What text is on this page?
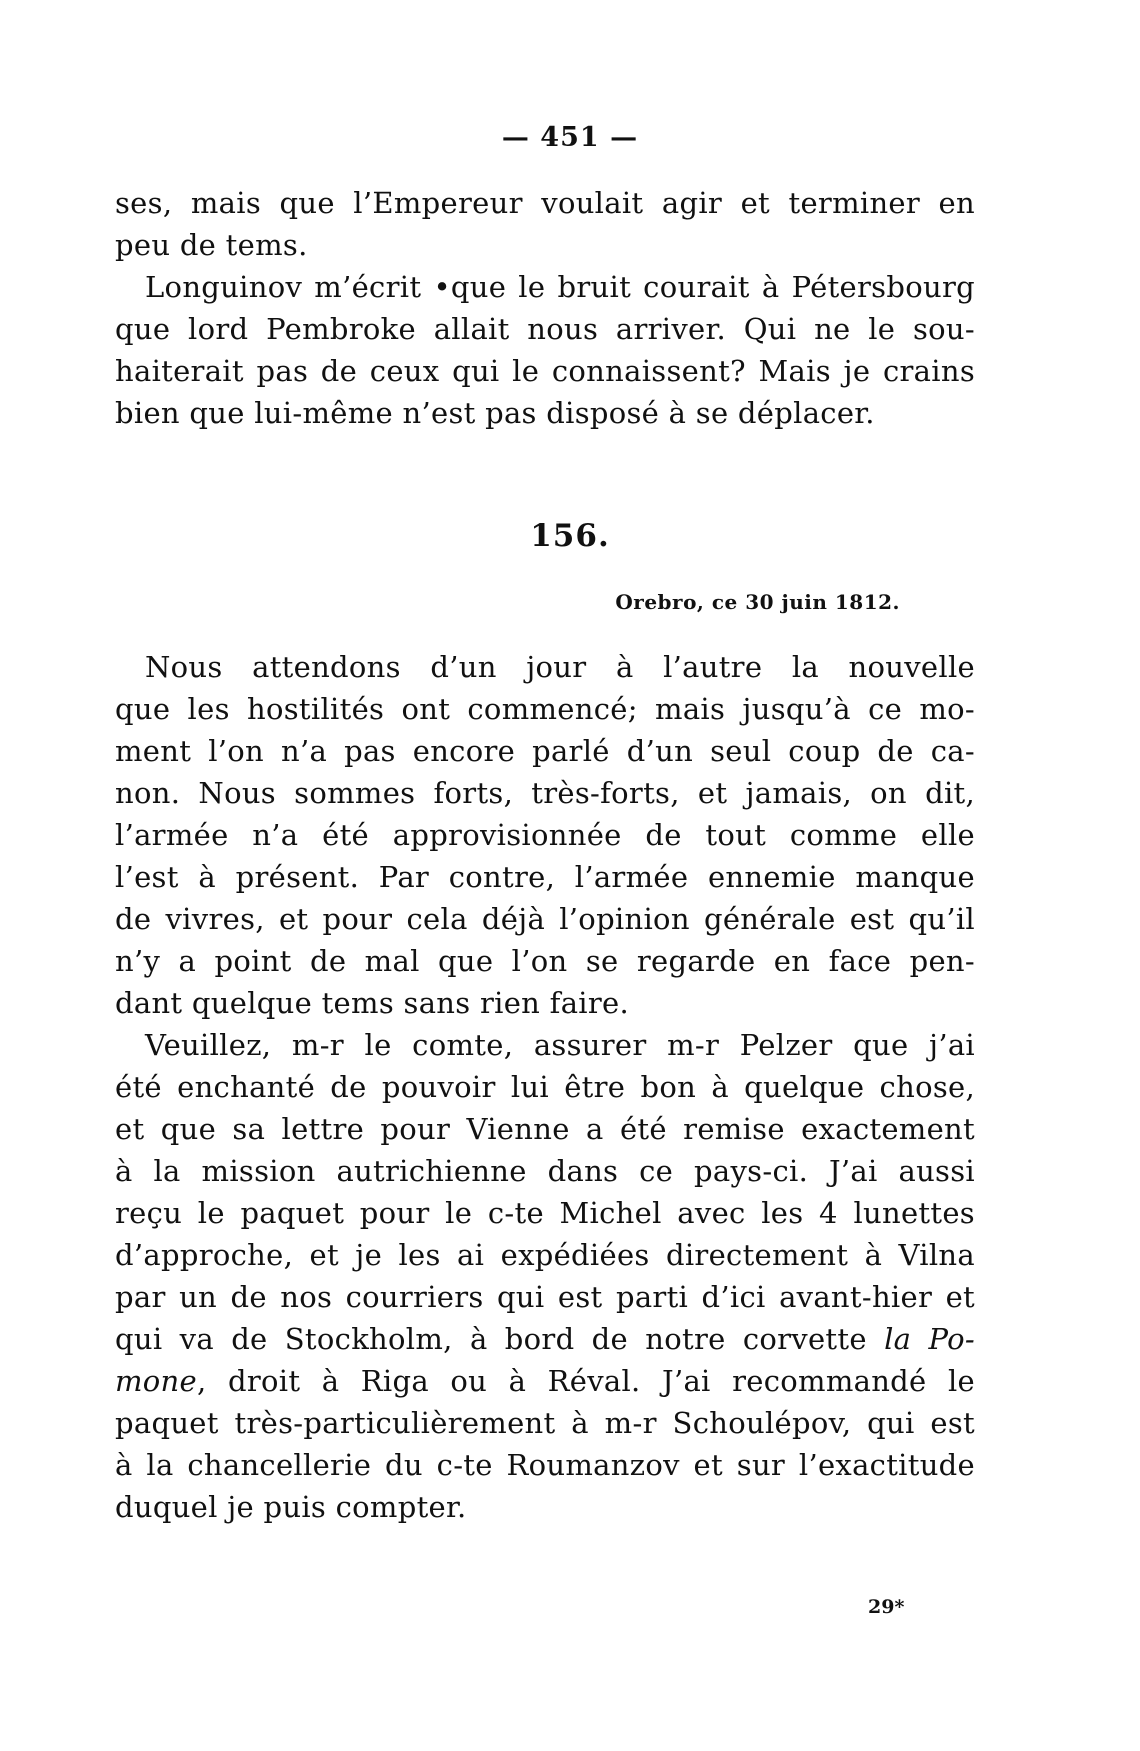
— 451 —
ses, mais que l’Empereur voulait agir et terminer en
peu de tems.
Longuinov m’écrit •que le bruit courait à Pétersbourg
que lord Pembroke allait nous arriver. Qui ne le sou-
haiterait pas de ceux qui le connaissent? Mais je crains
bien que lui-même n’est pas disposé à se déplacer.
156.
Orebro, ce 30 juin 1812.
Nous attendons d’un jour à l’autre la nouvelle
que les hostilités ont commencé; mais jusqu’à ce mo-
ment l’on n’a pas encore parlé d’un seul coup de ca-
non. Nous sommes forts, très-forts, et jamais, on dit,
l’armée n’a été approvisionnée de tout comme elle
l’est à présent. Par contre, l’armée ennemie manque
de vivres, et pour cela déjà l’opinion générale est qu’il
n’y a point de mal que l’on se regarde en face pen-
dant quelque tems sans rien faire.
Veuillez, m-r le comte, assurer m-r Pelzer que j’ai
été enchanté de pouvoir lui être bon à quelque chose,
et que sa lettre pour Vienne a été remise exactement
à la mission autrichienne dans ce pays-ci. J’ai aussi
reçu le paquet pour le c-te Michel avec les 4 lunettes
d’approche, et je les ai expédiées directement à Vilna
par un de nos courriers qui est parti d’ici avant-hier et
qui va de Stockholm, à bord de notre corvette la Po-
mone, droit à Riga ou à Réval. J’ai recommandé le
paquet très-particulièrement à m-r Schoulépov, qui est
à la chancellerie du c-te Roumanzov et sur l’exactitude
duquel je puis compter.
29*
